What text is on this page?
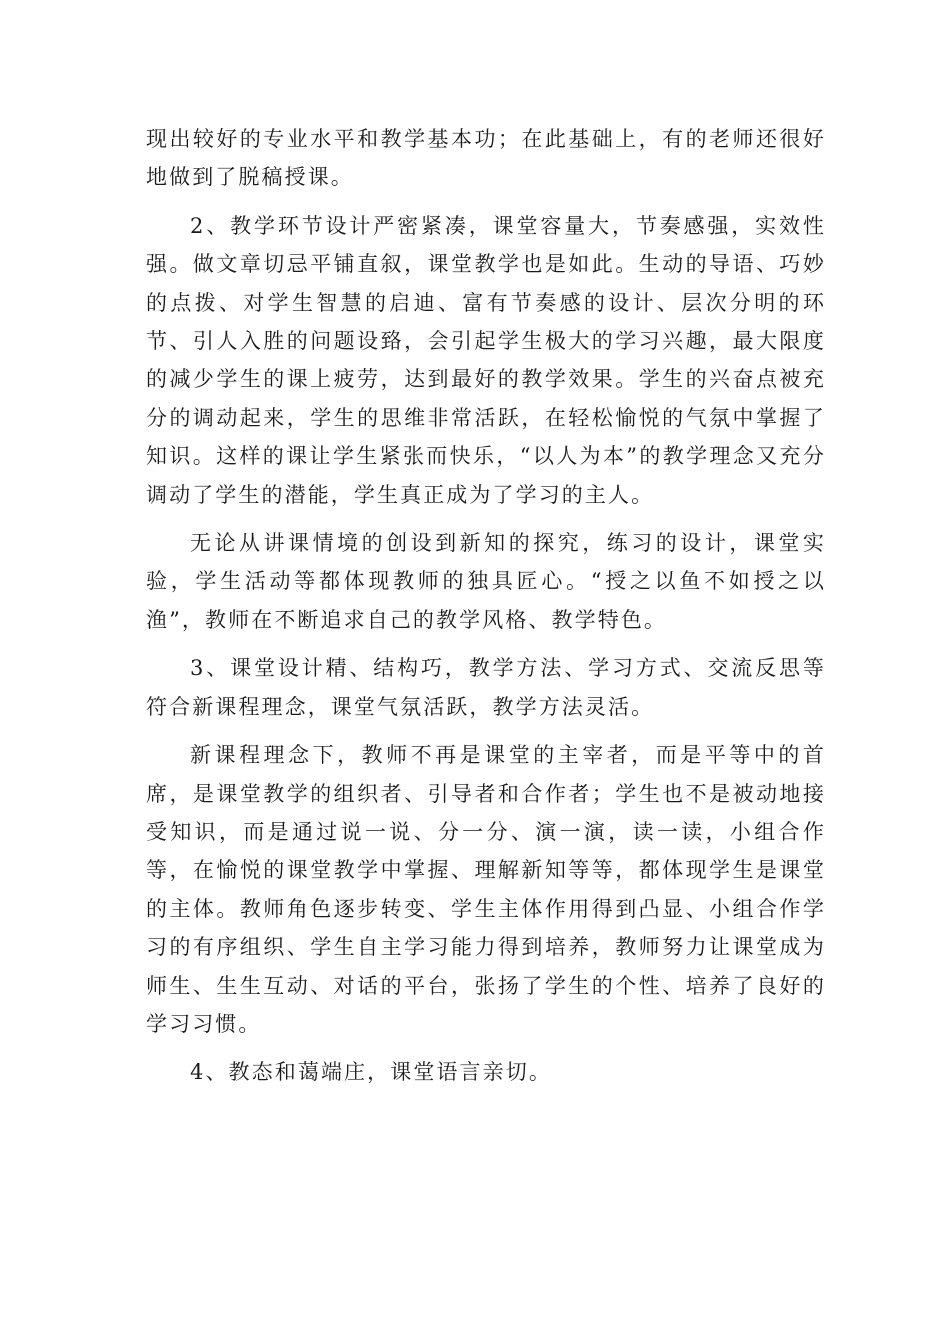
现出较好的专业水平和教学基本功；在此基础上，有的老师还很好地做到了脱稿授课。

2、教学环节设计严密紧凑，课堂容量大，节奏感强，实效性强。做文章切忌平铺直叙，课堂教学也是如此。生动的导语、巧妙的点拨、对学生智慧的启迪、富有节奏感的设计、层次分明的环节、引人入胜的问题设臵，会引起学生极大的学习兴趣，最大限度的减少学生的课上疲劳，达到最好的教学效果。学生的兴奋点被充分的调动起来，学生的思维非常活跃，在轻松愉悦的气氛中掌握了知识。这样的课让学生紧张而快乐，“以人为本”的教学理念又充分调动了学生的潜能，学生真正成为了学习的主人。

无论从讲课情境的创设到新知的探究，练习的设计，课堂实验，学生活动等都体现教师的独具匠心。“授之以鱼不如授之以渔”，教师在不断追求自己的教学风格、教学特色。

3、课堂设计精、结构巧，教学方法、学习方式、交流反思等符合新课程理念，课堂气氛活跃，教学方法灵活。

新课程理念下，教师不再是课堂的主宰者，而是平等中的首席，是课堂教学的组织者、引导者和合作者；学生也不是被动地接受知识，而是通过说一说、分一分、演一演，读一读，小组合作等，在愉悦的课堂教学中掌握、理解新知等等，都体现学生是课堂的主体。教师角色逐步转变、学生主体作用得到凸显、小组合作学习的有序组织、学生自主学习能力得到培养，教师努力让课堂成为师生、生生互动、对话的平台，张扬了学生的个性、培养了良好的学习习惯。

4、教态和蔼端庄，课堂语言亲切。
